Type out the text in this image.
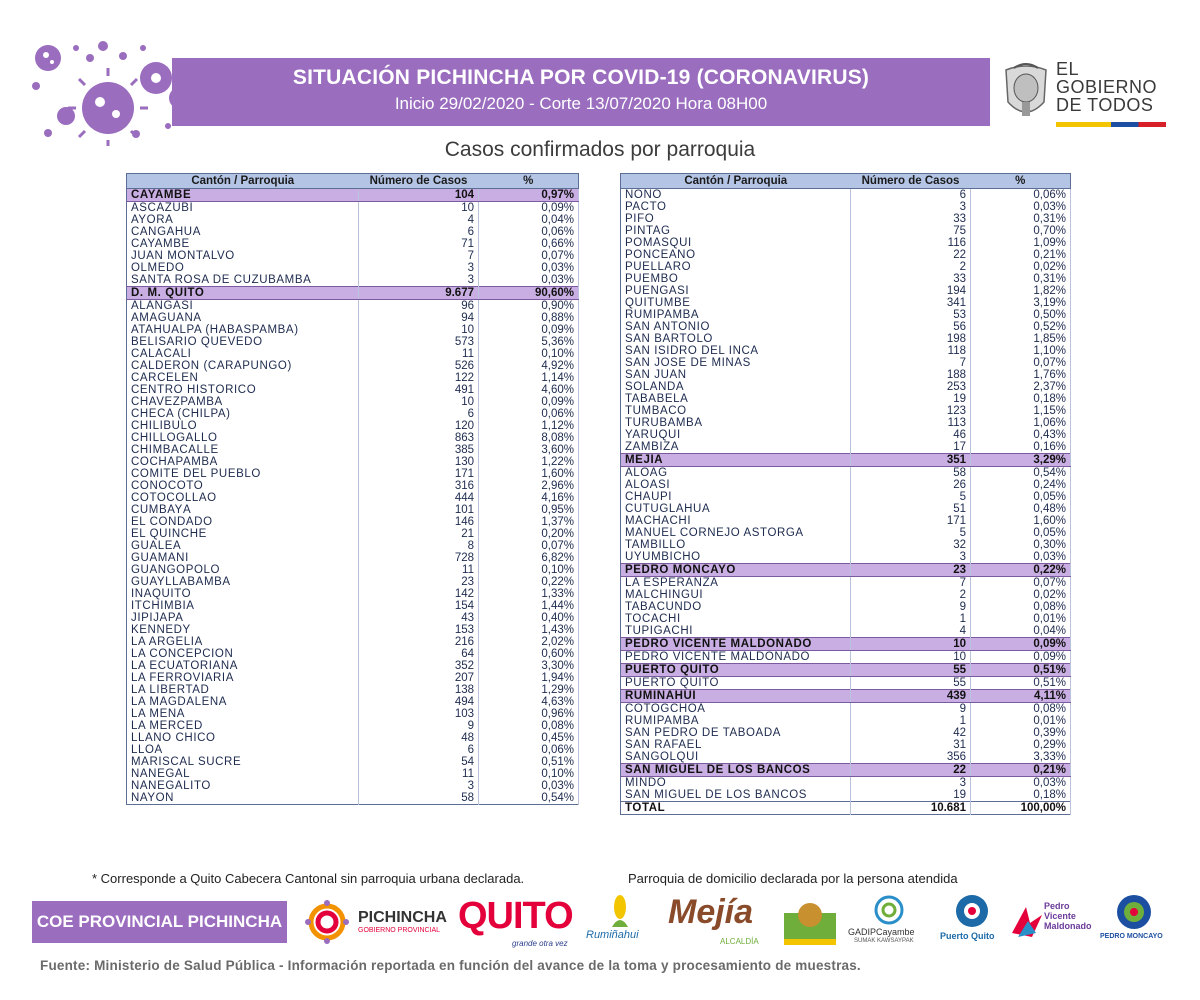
SITUACIÓN PICHINCHA POR COVID-19 (CORONAVIRUS)
Inicio 29/02/2020 - Corte 13/07/2020 Hora 08H00
EL
GOBIERNO
DE TODOS
Casos confirmados por parroquia
Cantón / Parroquia	Número de Casos	%
CAYAMBE	104	0,97%
ASCÁZUBI	10	0,09%
AYORA	4	0,04%
CANGAHUA	6	0,06%
CAYAMBE	71	0,66%
JUAN MONTALVO	7	0,07%
OLMEDO	3	0,03%
SANTA ROSA DE CUZUBAMBA	3	0,03%
D. M. QUITO	9.677	90,60%
ALANGASÍ	96	0,90%
AMAGUAÑA	94	0,88%
ATAHUALPA (HABASPAMBA)	10	0,09%
BELISARIO QUEVEDO	573	5,36%
CALACALÍ	11	0,10%
CALDERÓN (CARAPUNGO)	526	4,92%
CARCELÉN	122	1,14%
CENTRO HISTÓRICO	491	4,60%
CHAVEZPAMBA	10	0,09%
CHECA (CHILPA)	6	0,06%
CHILIBULO	120	1,12%
CHILLOGALLO	863	8,08%
CHIMBACALLE	385	3,60%
COCHAPAMBA	130	1,22%
COMITÉ DEL PUEBLO	171	1,60%
CONOCOTO	316	2,96%
COTOCOLLAO	444	4,16%
CUMBAYÁ	101	0,95%
EL CONDADO	146	1,37%
EL QUINCHE	21	0,20%
GUALEA	8	0,07%
GUAMANÍ	728	6,82%
GUANGOPOLO	11	0,10%
GUAYLLABAMBA	23	0,22%
IÑAQUITO	142	1,33%
ITCHIMBÍA	154	1,44%
JIPIJAPA	43	0,40%
KENNEDY	153	1,43%
LA ARGELIA	216	2,02%
LA CONCEPCIÓN	64	0,60%
LA ECUATORIANA	352	3,30%
LA FERROVIARIA	207	1,94%
LA LIBERTAD	138	1,29%
LA MAGDALENA	494	4,63%
LA MENA	103	0,96%
LA MERCED	9	0,08%
LLANO CHICO	48	0,45%
LLOA	6	0,06%
MARISCAL SUCRE	54	0,51%
NANEGAL	11	0,10%
NANEGALITO	3	0,03%
NAYÓN	58	0,54%
Cantón / Parroquia	Número de Casos	%
NONO	6	0,06%
PACTO	3	0,03%
PIFO	33	0,31%
PÍNTAG	75	0,70%
POMASQUI	116	1,09%
PONCEANO	22	0,21%
PUÉLLARO	2	0,02%
PUEMBO	33	0,31%
PUENGASÍ	194	1,82%
QUITUMBE	341	3,19%
RUMIPAMBA	53	0,50%
SAN ANTONIO	56	0,52%
SAN BARTOLO	198	1,85%
SAN ISIDRO DEL INCA	118	1,10%
SAN JOSÉ DE MINAS	7	0,07%
SAN JUAN	188	1,76%
SOLANDA	253	2,37%
TABABELA	19	0,18%
TUMBACO	123	1,15%
TURUBAMBA	113	1,06%
YARUQUÍ	46	0,43%
ZÁMBIZA	17	0,16%
MEJÍA	351	3,29%
ALÓAG	58	0,54%
ALOASÍ	26	0,24%
CHAUPI	5	0,05%
CUTUGLAHUA	51	0,48%
MACHACHI	171	1,60%
MANUEL CORNEJO ASTORGA	5	0,05%
TAMBILLO	32	0,30%
UYUMBICHO	3	0,03%
PEDRO MONCAYO	23	0,22%
LA ESPERANZA	7	0,07%
MALCHINGUÍ	2	0,02%
TABACUNDO	9	0,08%
TOCACHI	1	0,01%
TUPIGACHI	4	0,04%
PEDRO VICENTE MALDONADO	10	0,09%
PEDRO VICENTE MALDONADO	10	0,09%
PUERTO QUITO	55	0,51%
PUERTO QUITO	55	0,51%
RUMIÑAHUI	439	4,11%
COTOGCHOA	9	0,08%
RUMIPAMBA	1	0,01%
SAN PEDRO DE TABOADA	42	0,39%
SAN RAFAEL	31	0,29%
SANGOLQUÍ	356	3,33%
SAN MIGUEL DE LOS BANCOS	22	0,21%
MINDO	3	0,03%
SAN MIGUEL DE LOS BANCOS	19	0,18%
TOTAL	10.681	100,00%
* Corresponde a Quito Cabecera Cantonal sin parroquia urbana declarada.	Parroquia de domicilio declarada por la persona atendida
COE PROVINCIAL PICHINCHA	PICHINCHA
GOBIERNO PROVINCIAL QUITO
grande otra vez
Rumiñahui
Mejía
ALCALDÍA
GADIPCayambe
SUMAK KAWSAYPAK	Puerto Quito
Pedro
Vicente
Maldonado
PEDRO MONCAYO
Fuente: Ministerio de Salud Pública - Información reportada en función del avance de la toma y procesamiento de muestras.
